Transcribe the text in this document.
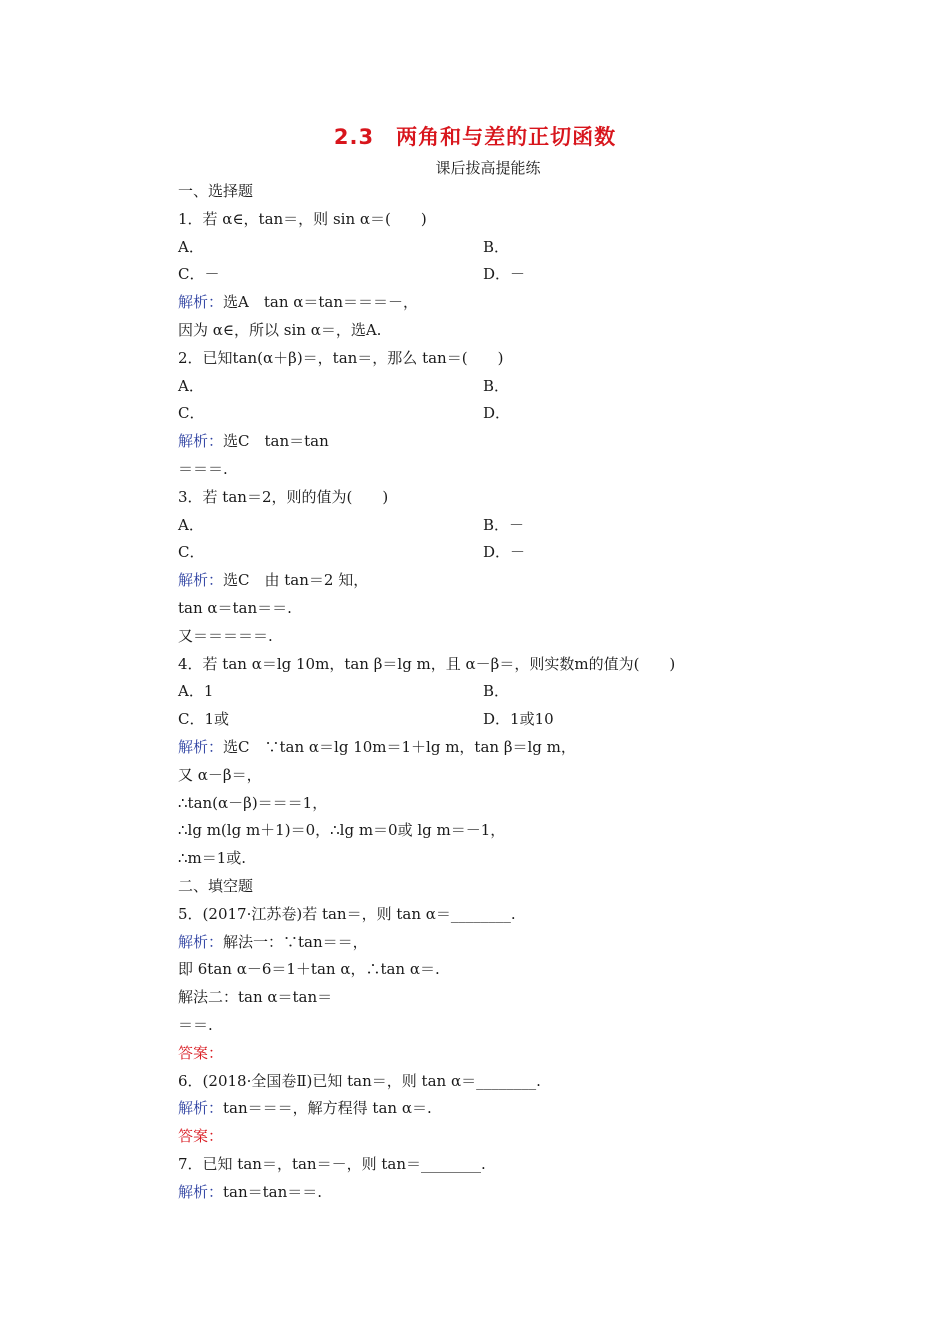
2.3　两角和与差的正切函数
课后拔高提能练
一、选择题
1．若 α∈，tan＝，则 sin α＝(　　)
A．	B．
C．－	D．－
解析：选A　tan α＝tan＝＝＝－，
因为 α∈，所以 sin α＝，选A.
2．已知tan(α＋β)＝，tan＝，那么 tan＝(　　)
A．	B．
C．	D．
解析：选C　tan＝tan
＝＝＝.
3．若 tan＝2，则的值为(　　)
A．	B．－
C．	D．－
解析：选C　由 tan＝2 知，
tan α＝tan＝＝.
又＝＝＝＝＝.
4．若 tan α＝lg 10m，tan β＝lg m，且 α－β＝，则实数m的值为(　　)
A．1	B．
C．1或	D．1或10
解析：选C　∵tan α＝lg 10m＝1＋lg m，tan β＝lg m，
又 α－β＝，
∴tan(α－β)＝＝＝1，
∴lg m(lg m＋1)＝0，∴lg m＝0或 lg m＝－1，
∴m＝1或.
二、填空题
5．(2017·江苏卷)若 tan＝，则 tan α＝________.
解析：解法一：∵tan＝＝，
即 6tan α－6＝1＋tan α，∴tan α＝.
解法二：tan α＝tan＝
＝＝.
答案：
6．(2018·全国卷Ⅱ)已知 tan＝，则 tan α＝________.
解析：tan＝＝＝，解方程得 tan α＝.
答案：
7．已知 tan＝，tan＝－，则 tan＝________.
解析：tan＝tan＝＝.
